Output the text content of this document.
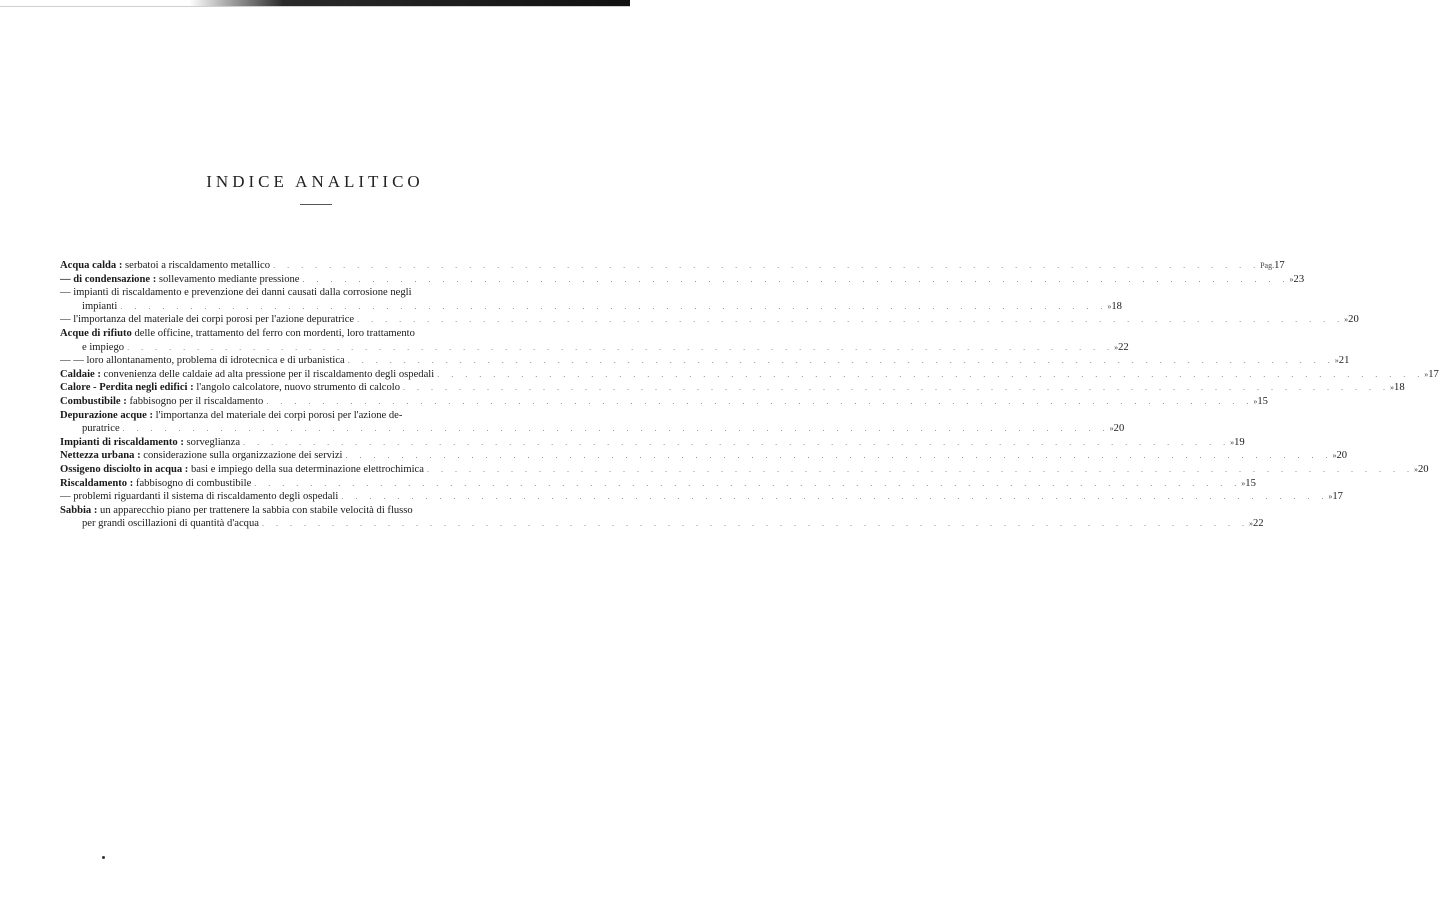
INDICE ANALITICO
Acqua calda : serbatoi a riscaldamento metallico . . .	Pag. 17
— di condensazione : sollevamento mediante pressione . . .	» 23
— impianti di riscaldamento e prevenzione dei danni causati dalla corrosione negli
impianti . . .	» 18
— l'importanza del materiale dei corpi porosi per l'azione depuratrice . . .	» 20
Acque di rifiuto delle officine, trattamento del ferro con mordenti, loro trattamento
e impiego . . .	» 22
— — loro allontanamento, problema di idrotecnica e di urbanistica . . .	» 21
Caldaie : convenienza delle caldaie ad alta pressione per il riscaldamento degli ospedali . . .	» 17
Calore - Perdita negli edifici : l'angolo calcolatore, nuovo strumento di calcolo . . .	» 18
Combustibile : fabbisogno per il riscaldamento . . .	» 15
Depurazione acque : l'importanza del materiale dei corpi porosi per l'azione de-
puratrice . . .	» 20
Impianti di riscaldamento : sorveglianza . . .	» 19
Nettezza urbana : considerazione sulla organizzazione dei servizi . . .	» 20
Ossigeno disciolto in acqua : basi e impiego della sua determinazione elettrochimica . . .	» 20
Riscaldamento : fabbisogno di combustibile . . .	» 15
— problemi riguardanti il sistema di riscaldamento degli ospedali . . .	» 17
Sabbia : un apparecchio piano per trattenere la sabbia con stabile velocità di flusso
per grandi oscillazioni di quantità d'acqua . . .	» 22
